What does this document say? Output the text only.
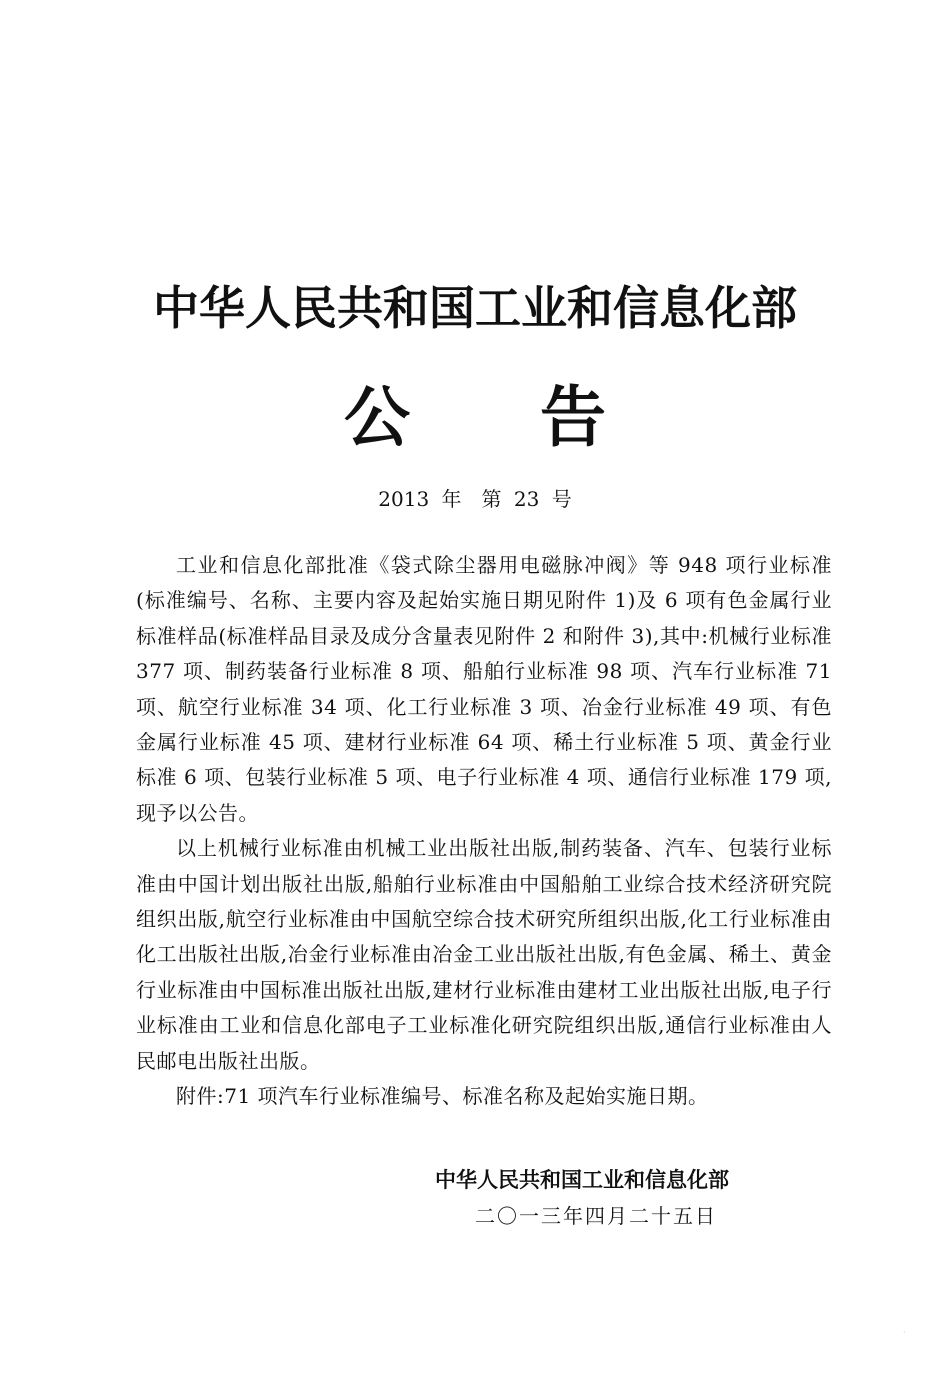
中华人民共和国工业和信息化部
公告
2013 年　第 23 号

工业和信息化部批准《袋式除尘器用电磁脉冲阀》等 948 项行业标准(标准编号、名称、主要内容及起始实施日期见附件 1)及 6 项有色金属行业标准样品(标准样品目录及成分含量表见附件 2 和附件 3),其中:机械行业标准 377 项、制药装备行业标准 8 项、船舶行业标准 98 项、汽车行业标准 71 项、航空行业标准 34 项、化工行业标准 3 项、冶金行业标准 49 项、有色金属行业标准 45 项、建材行业标准 64 项、稀土行业标准 5 项、黄金行业标准 6 项、包装行业标准 5 项、电子行业标准 4 项、通信行业标准 179 项,现予以公告。

以上机械行业标准由机械工业出版社出版,制药装备、汽车、包装行业标准由中国计划出版社出版,船舶行业标准由中国船舶工业综合技术经济研究院组织出版,航空行业标准由中国航空综合技术研究所组织出版,化工行业标准由化工出版社出版,冶金行业标准由冶金工业出版社出版,有色金属、稀土、黄金行业标准由中国标准出版社出版,建材行业标准由建材工业出版社出版,电子行业标准由工业和信息化部电子工业标准化研究院组织出版,通信行业标准由人民邮电出版社出版。

附件:71 项汽车行业标准编号、标准名称及起始实施日期。

中华人民共和国工业和信息化部
二〇一三年四月二十五日
·
